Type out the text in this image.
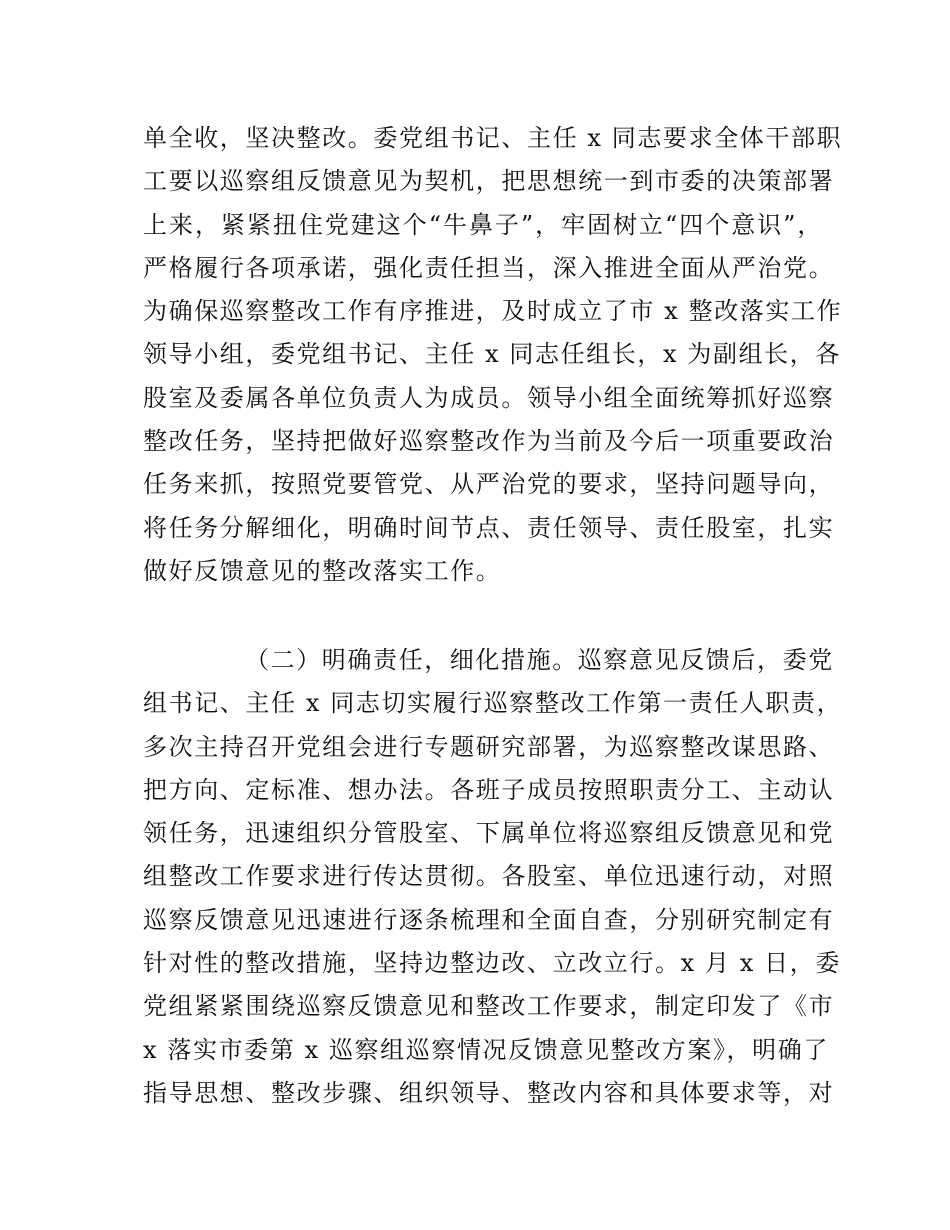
单全收，坚决整改。委党组书记、主任 x 同志要求全体干部职
工要以巡察组反馈意见为契机，把思想统一到市委的决策部署
上来，紧紧扭住党建这个“牛鼻子”，牢固树立“四个意识”，
严格履行各项承诺，强化责任担当，深入推进全面从严治党。
为确保巡察整改工作有序推进，及时成立了市 x 整改落实工作
领导小组，委党组书记、主任 x 同志任组长，x 为副组长，各
股室及委属各单位负责人为成员。领导小组全面统筹抓好巡察
整改任务，坚持把做好巡察整改作为当前及今后一项重要政治
任务来抓，按照党要管党、从严治党的要求，坚持问题导向，
将任务分解细化，明确时间节点、责任领导、责任股室，扎实
做好反馈意见的整改落实工作。
（二）明确责任，细化措施。巡察意见反馈后，委党
组书记、主任 x 同志切实履行巡察整改工作第一责任人职责，
多次主持召开党组会进行专题研究部署，为巡察整改谋思路、
把方向、定标准、想办法。各班子成员按照职责分工、主动认
领任务，迅速组织分管股室、下属单位将巡察组反馈意见和党
组整改工作要求进行传达贯彻。各股室、单位迅速行动，对照
巡察反馈意见迅速进行逐条梳理和全面自查，分别研究制定有
针对性的整改措施，坚持边整边改、立改立行。x 月 x 日，委
党组紧紧围绕巡察反馈意见和整改工作要求，制定印发了《市
x 落实市委第 x 巡察组巡察情况反馈意见整改方案》，明确了
指导思想、整改步骤、组织领导、整改内容和具体要求等，对
